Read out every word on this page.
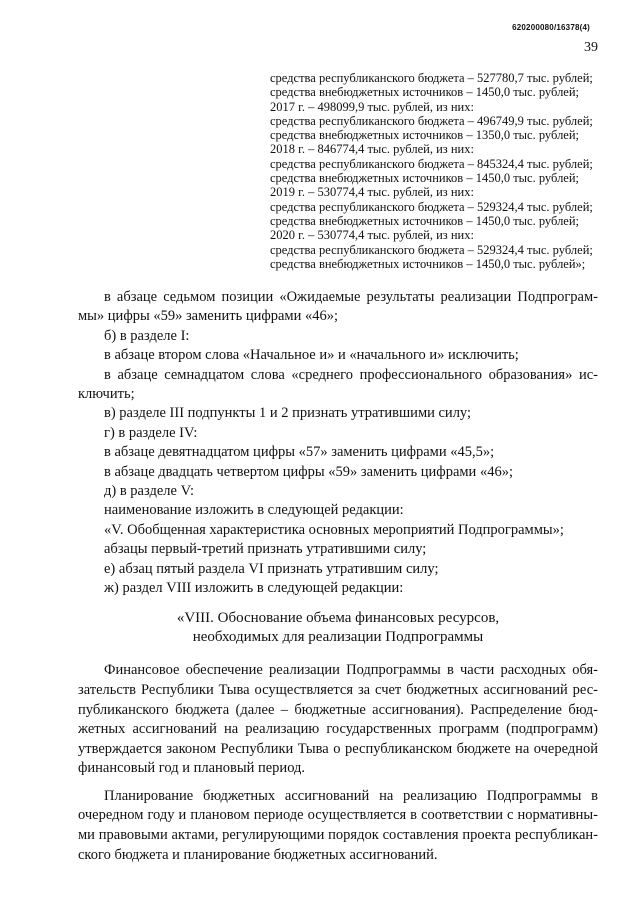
620200080/16378(4)
39
средства республиканского бюджета – 527780,7 тыс. рублей;
средства внебюджетных источников – 1450,0 тыс. рублей;
2017 г. – 498099,9 тыс. рублей, из них:
средства республиканского бюджета – 496749,9 тыс. рублей;
средства внебюджетных источников – 1350,0 тыс. рублей;
2018 г. – 846774,4 тыс. рублей, из них:
средства республиканского бюджета – 845324,4 тыс. рублей;
средства внебюджетных источников – 1450,0 тыс. рублей;
2019 г. – 530774,4 тыс. рублей, из них:
средства республиканского бюджета – 529324,4 тыс. рублей;
средства внебюджетных источников – 1450,0 тыс. рублей;
2020 г. – 530774,4 тыс. рублей, из них:
средства республиканского бюджета – 529324,4 тыс. рублей;
средства внебюджетных источников – 1450,0 тыс. рублей»;
в абзаце седьмом позиции «Ожидаемые результаты реализации Подпрограм-
мы» цифры «59» заменить цифрами «46»;
б) в разделе I:
в абзаце втором слова «Начальное и» и «начального и» исключить;
в абзаце семнадцатом слова «среднего профессионального образования» ис-
ключить;
в) разделе III подпункты 1 и 2 признать утратившими силу;
г) в разделе IV:
в абзаце девятнадцатом цифры «57» заменить цифрами «45,5»;
в абзаце двадцать четвертом цифры «59» заменить цифрами «46»;
д) в разделе V:
наименование изложить в следующей редакции:
«V. Обобщенная характеристика основных мероприятий Подпрограммы»;
абзацы первый-третий признать утратившими силу;
е) абзац пятый раздела VI признать утратившим силу;
ж) раздел VIII изложить в следующей редакции:
«VIII. Обоснование объема финансовых ресурсов,
необходимых для реализации Подпрограммы
Финансовое обеспечение реализации Подпрограммы в части расходных обя-
зательств Республики Тыва осуществляется за счет бюджетных ассигнований рес-
публиканского бюджета (далее – бюджетные ассигнования). Распределение бюд-
жетных ассигнований на реализацию государственных программ (подпрограмм)
утверждается законом Республики Тыва о республиканском бюджете на очередной
финансовый год и плановый период.
Планирование бюджетных ассигнований на реализацию Подпрограммы в
очередном году и плановом периоде осуществляется в соответствии с нормативны-
ми правовыми актами, регулирующими порядок составления проекта республикан-
ского бюджета и планирование бюджетных ассигнований.
